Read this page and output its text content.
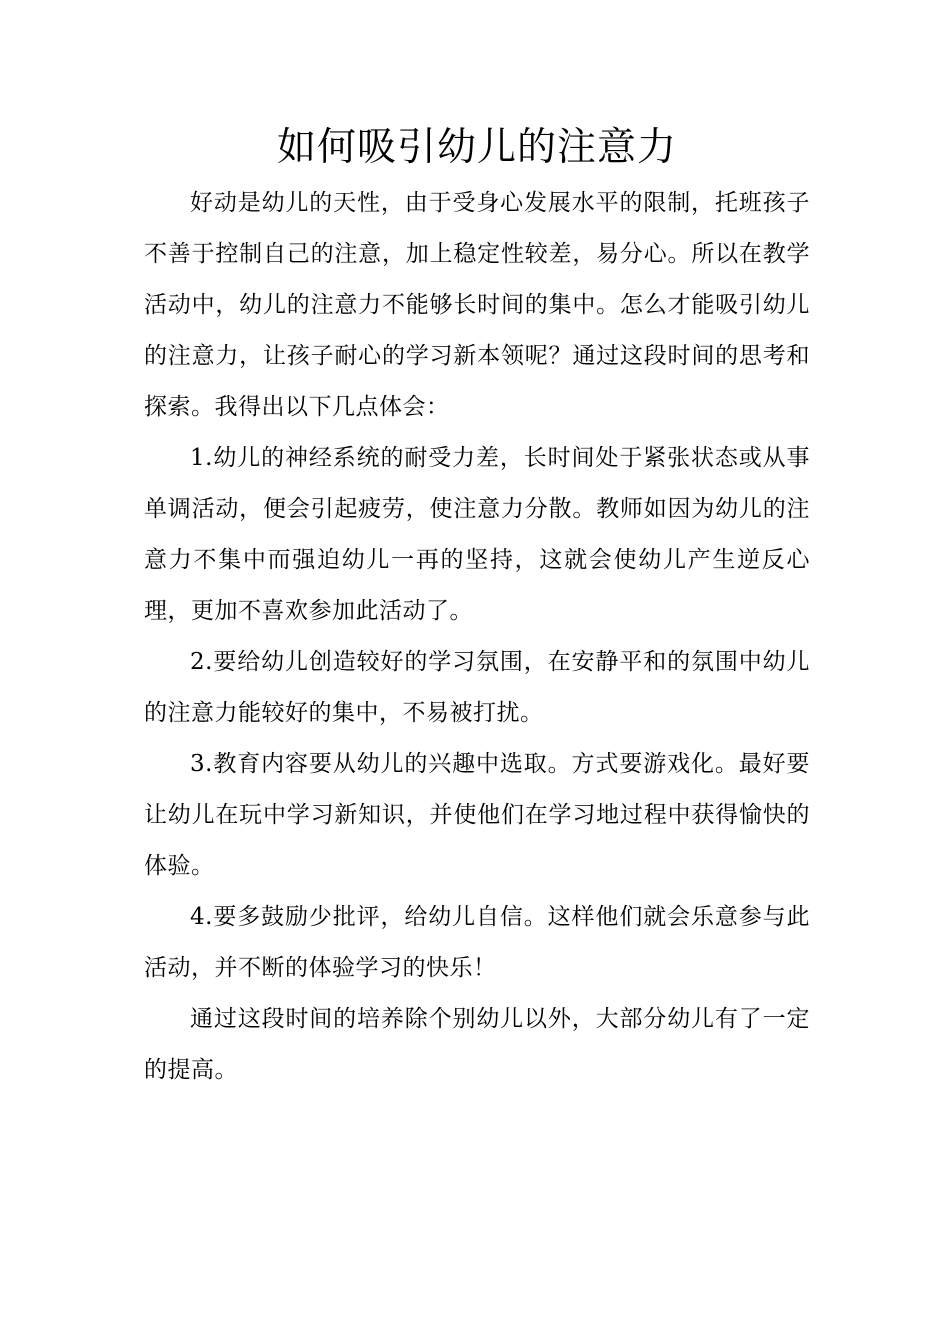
如何吸引幼儿的注意力

好动是幼儿的天性，由于受身心发展水平的限制，托班孩子不善于控制自己的注意，加上稳定性较差，易分心。所以在教学活动中，幼儿的注意力不能够长时间的集中。怎么才能吸引幼儿的注意力，让孩子耐心的学习新本领呢？通过这段时间的思考和探索。我得出以下几点体会：

1.幼儿的神经系统的耐受力差，长时间处于紧张状态或从事单调活动，便会引起疲劳，使注意力分散。教师如因为幼儿的注意力不集中而强迫幼儿一再的坚持，这就会使幼儿产生逆反心理，更加不喜欢参加此活动了。

2.要给幼儿创造较好的学习氛围，在安静平和的氛围中幼儿的注意力能较好的集中，不易被打扰。

3.教育内容要从幼儿的兴趣中选取。方式要游戏化。最好要让幼儿在玩中学习新知识，并使他们在学习地过程中获得愉快的体验。

4.要多鼓励少批评，给幼儿自信。这样他们就会乐意参与此活动，并不断的体验学习的快乐！

通过这段时间的培养除个别幼儿以外，大部分幼儿有了一定的提高。
